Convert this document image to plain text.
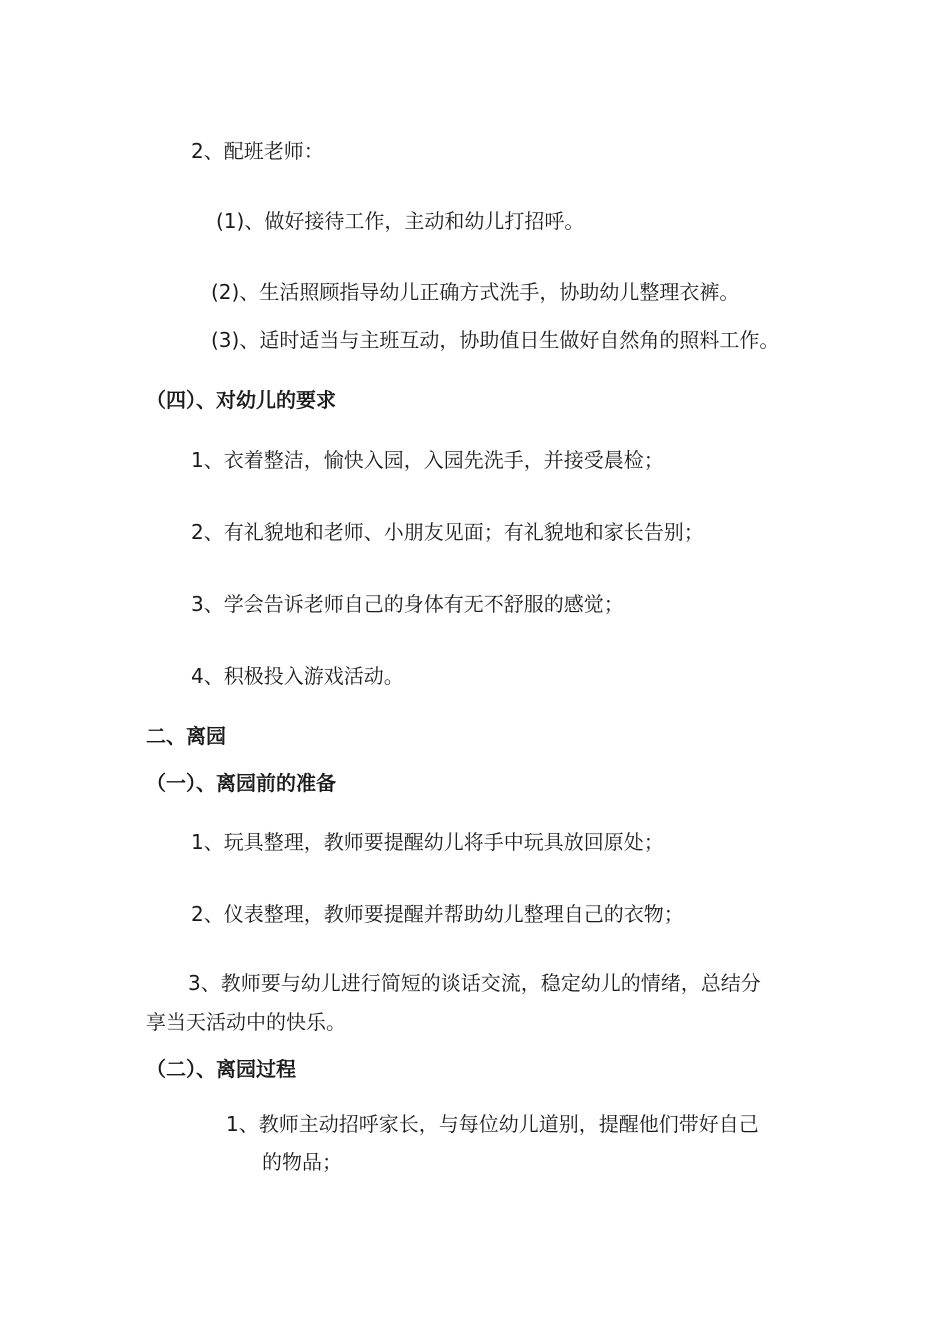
2、配班老师：
(1)、做好接待工作，主动和幼儿打招呼。
(2)、生活照顾指导幼儿正确方式洗手，协助幼儿整理衣裤。
(3)、适时适当与主班互动，协助值日生做好自然角的照料工作。
（四）、对幼儿的要求
1、衣着整洁，愉快入园，入园先洗手，并接受晨检；
2、有礼貌地和老师、小朋友见面；有礼貌地和家长告别；
3、学会告诉老师自己的身体有无不舒服的感觉；
4、积极投入游戏活动。
二、离园
（一）、离园前的准备
1、玩具整理，教师要提醒幼儿将手中玩具放回原处；
2、仪表整理，教师要提醒并帮助幼儿整理自己的衣物；
3、教师要与幼儿进行简短的谈话交流，稳定幼儿的情绪，总结分
享当天活动中的快乐。
（二）、离园过程
1、教师主动招呼家长，与每位幼儿道别，提醒他们带好自己
的物品；
